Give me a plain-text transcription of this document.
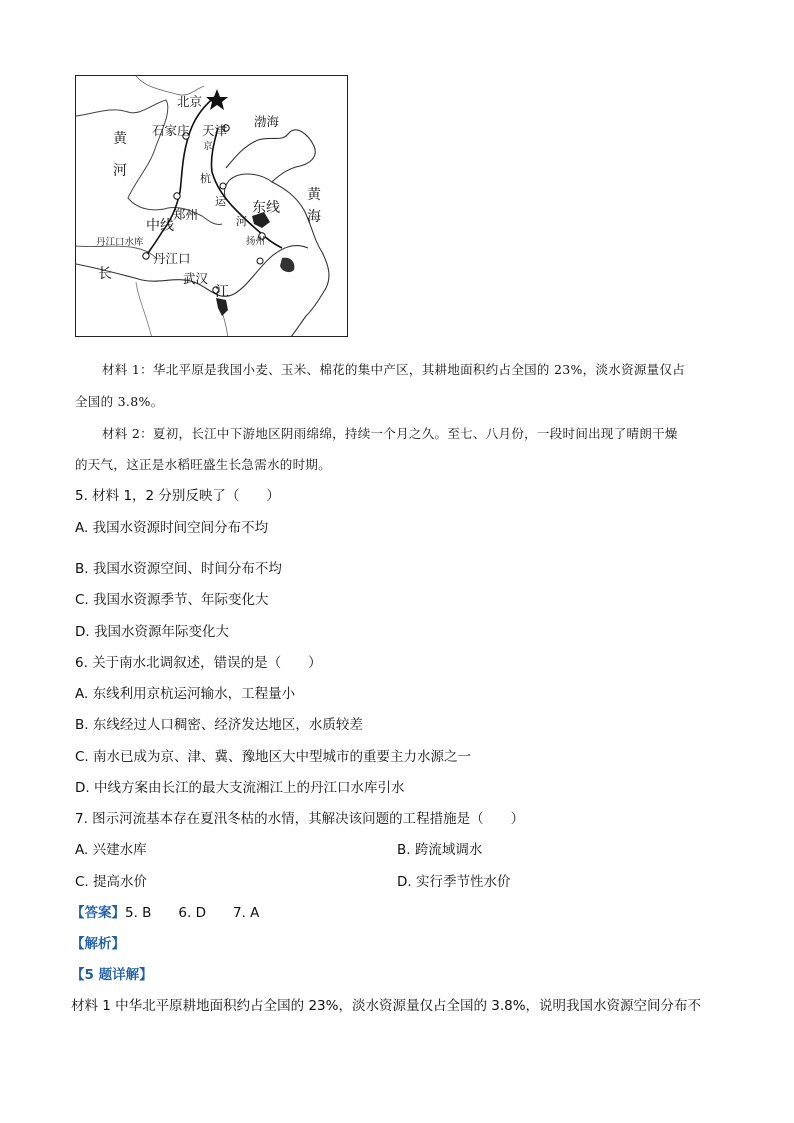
北京
石家庄 天津
渤海
黄
河
京
杭
运
河
东线
黄
海
郑州
中线
丹江口水库
丹江口
扬州
长	武汉
江
材料 1：华北平原是我国小麦、玉米、棉花的集中产区，其耕地面积约占全国的 23%，淡水资源量仅占
全国的 3.8%。
材料 2：夏初，长江中下游地区阴雨绵绵，持续一个月之久。至七、八月份，一段时间出现了晴朗干燥
的天气，这正是水稻旺盛生长急需水的时期。
5. 材料 1，2 分别反映了（　　）
A. 我国水资源时间空间分布不均
B. 我国水资源空间、时间分布不均
C. 我国水资源季节、年际变化大
D. 我国水资源年际变化大
6. 关于南水北调叙述，错误的是（　　）
A. 东线利用京杭运河输水，工程量小
B. 东线经过人口稠密、经济发达地区，水质较差
C. 南水已成为京、津、冀、豫地区大中型城市的重要主力水源之一
D. 中线方案由长江的最大支流湘江上的丹江口水库引水
7. 图示河流基本存在夏汛冬枯的水情，其解决该问题的工程措施是（　　）
A. 兴建水库	B. 跨流域调水
C. 提高水价	D. 实行季节性水价
【答案】5. B　　6. D　　7. A
【解析】
【5 题详解】
材料 1 中华北平原耕地面积约占全国的 23%，淡水资源量仅占全国的 3.8%，说明我国水资源空间分布不
